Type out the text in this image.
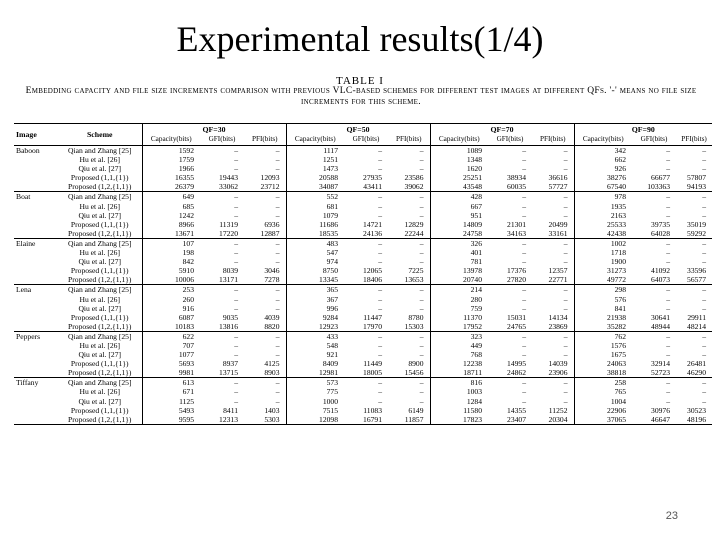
Experimental results(1/4)
TABLE I
Embedding capacity and file size increments comparison with previous VLC-based schemes for different test images at different QFs. '-' means no file size increments for this scheme.
Image	Scheme	QF=30			QF=50			QF=70			QF=90		
		Capacity(bits)	GFI(bits)	PFI(bits)	Capacity(bits)	GFI(bits)	PFI(bits)	Capacity(bits)	GFI(bits)	PFI(bits)	Capacity(bits)	GFI(bits)	PFI(bits)
Baboon	Qian and Zhang [25]	1592	–	–	1117	–	–	1089	–	–	342	–	–
	Hu et al. [26]	1759	–	–	1251	–	–	1348	–	–	662	–	–
	Qiu et al. [27]	1966	–	–	1473	–	–	1620	–	–	926	–	–
	Proposed (1,1,{1})	16355	19443	12093	20588	27935	23586	25251	38934	36616	38276	66677	57807
	Proposed (1,2,{1,1})	26379	33062	23712	34087	43411	39062	43548	60035	57727	67540	103363	94193
Boat	Qian and Zhang [25]	649	–	–	552	–	–	428	–	–	978	–	–
	Hu et al. [26]	685	–	–	681	–	–	667	–	–	1935	–	–
	Qiu et al. [27]	1242	–	–	1079	–	–	951	–	–	2163	–	–
	Proposed (1,1,{1})	8966	11319	6936	11686	14721	12829	14809	21301	20499	25533	39735	35019
	Proposed (1,2,{1,1})	13671	17220	12887	18535	24136	22244	24758	34163	33161	42438	64028	59292
Elaine	Qian and Zhang [25]	107	–	–	483	–	–	326	–	–	1002	–	–
	Hu et al. [26]	198	–	–	547	–	–	401	–	–	1718	–	–
	Qiu et al. [27]	842	–	–	974	–	–	781	–	–	1900	–	–
	Proposed (1,1,{1})	5910	8039	3046	8750	12065	7225	13978	17376	12357	31273	41092	33596
	Proposed (1,2,{1,1})	10006	13171	7278	13345	18406	13653	20740	27820	22771	49772	64073	56577
Lena	Qian and Zhang [25]	253	–	–	365	–	–	214	–	–	298	–	–
	Hu et al. [26]	260	–	–	367	–	–	280	–	–	576	–	–
	Qiu et al. [27]	916	–	–	996	–	–	759	–	–	841	–	–
	Proposed (1,1,{1})	6087	9035	4039	9284	11447	8780	11370	15031	14134	21938	30641	29911
	Proposed (1,2,{1,1})	10183	13816	8820	12923	17970	15303	17952	24765	23869	35282	48944	48214
Peppers	Qian and Zhang [25]	622	–	–	433	–	–	323	–	–	762	–	–
	Hu et al. [26]	707	–	–	548	–	–	449	–	–	1576	–	–
	Qiu et al. [27]	1077	–	–	921	–	–	768	–	–	1675	–	–
	Proposed (1,1,{1})	5693	8937	4125	8409	11449	8900	12238	14995	14039	24063	32914	26481
	Proposed (1,2,{1,1})	9981	13715	8903	12981	18005	15456	18711	24862	23906	38818	52723	46290
Tiffany	Qian and Zhang [25]	613	–	–	573	–	–	816	–	–	258	–	–
	Hu et al. [26]	671	–	–	775	–	–	1003	–	–	765	–	–
	Qiu et al. [27]	1125	–	–	1000	–	–	1284	–	–	1004	–	–
	Proposed (1,1,{1})	5493	8411	1403	7515	11083	6149	11580	14355	11252	22906	30976	30523
	Proposed (1,2,{1,1})	9595	12313	5303	12098	16791	11857	17823	23407	20304	37065	46647	48196
23
